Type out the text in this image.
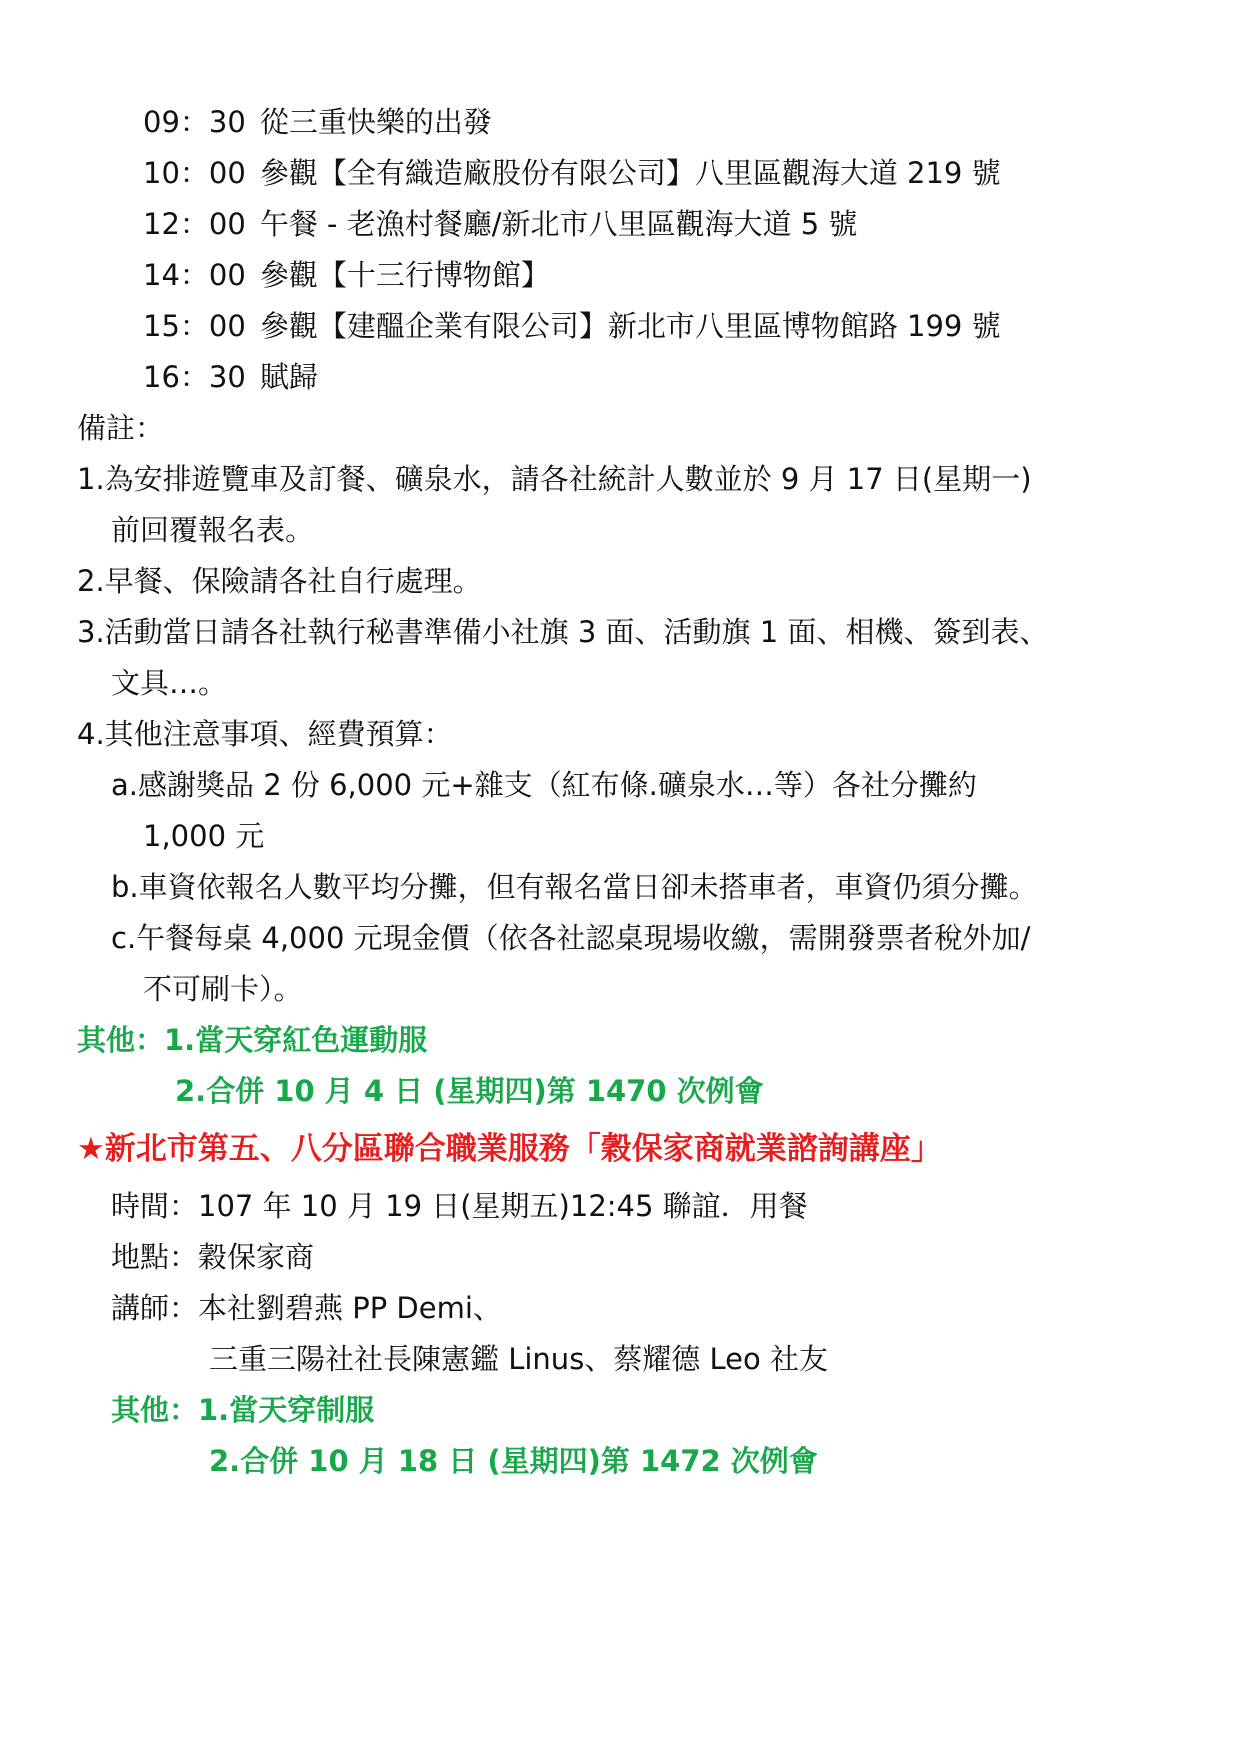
09：30 從三重快樂的出發
10：00 參觀【全有織造廠股份有限公司】八里區觀海大道 219 號
12：00 午餐 - 老漁村餐廳/新北市八里區觀海大道 5 號
14：00 參觀【十三行博物館】
15：00 參觀【建醞企業有限公司】新北市八里區博物館路 199 號
16：30 賦歸
備註：
1.為安排遊覽車及訂餐、礦泉水，請各社統計人數並於 9 月 17 日(星期一)
前回覆報名表。
2.早餐、保險請各社自行處理。
3.活動當日請各社執行秘書準備小社旗 3 面、活動旗 1 面、相機、簽到表、
文具…。
4.其他注意事項、經費預算：
a.感謝獎品 2 份 6,000 元+雜支（紅布條.礦泉水…等）各社分攤約
1,000 元
b.車資依報名人數平均分攤，但有報名當日卻未搭車者，車資仍須分攤。
c.午餐每桌 4,000 元現金價（依各社認桌現場收繳，需開發票者稅外加/
不可刷卡）。
其他：1.當天穿紅色運動服
2.合併 10 月 4 日 (星期四)第 1470 次例會
★新北市第五、八分區聯合職業服務「穀保家商就業諮詢講座」
時間：107 年 10 月 19 日(星期五)12:45 聯誼．用餐
地點：穀保家商
講師：本社劉碧燕 PP Demi、
三重三陽社社長陳憲鑑 Linus、蔡耀德 Leo 社友
其他：1.當天穿制服
2.合併 10 月 18 日 (星期四)第 1472 次例會
